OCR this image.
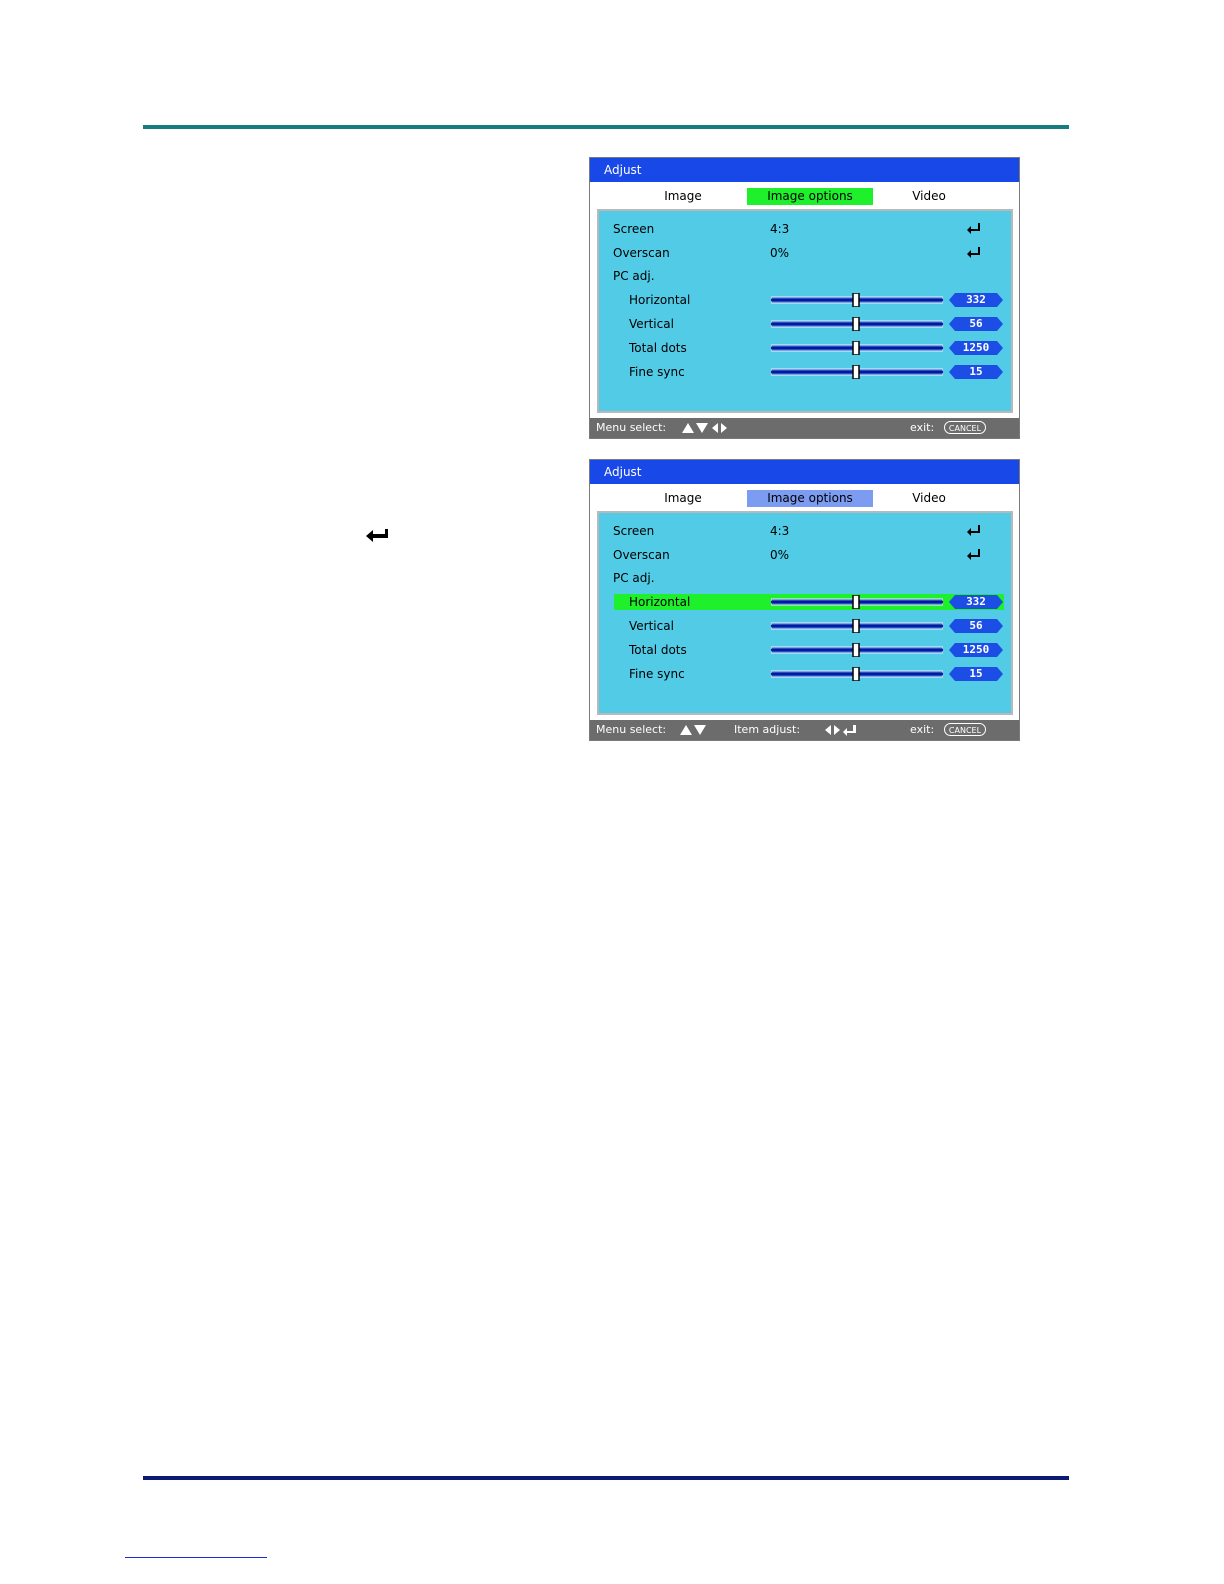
Adjust
Image	Image options	Video
Screen	4:3
Overscan	0%
PC adj.
Horizontal	332
Vertical	56
Total dots	1250
Fine sync	15
Menu select:	exit:	CANCEL
Adjust
Image	Image options	Video
Screen	4:3
Overscan	0%
PC adj.
Horizontal	332
Vertical	56
Total dots	1250
Fine sync	15
Menu select:	Item adjust:	exit:	CANCEL
